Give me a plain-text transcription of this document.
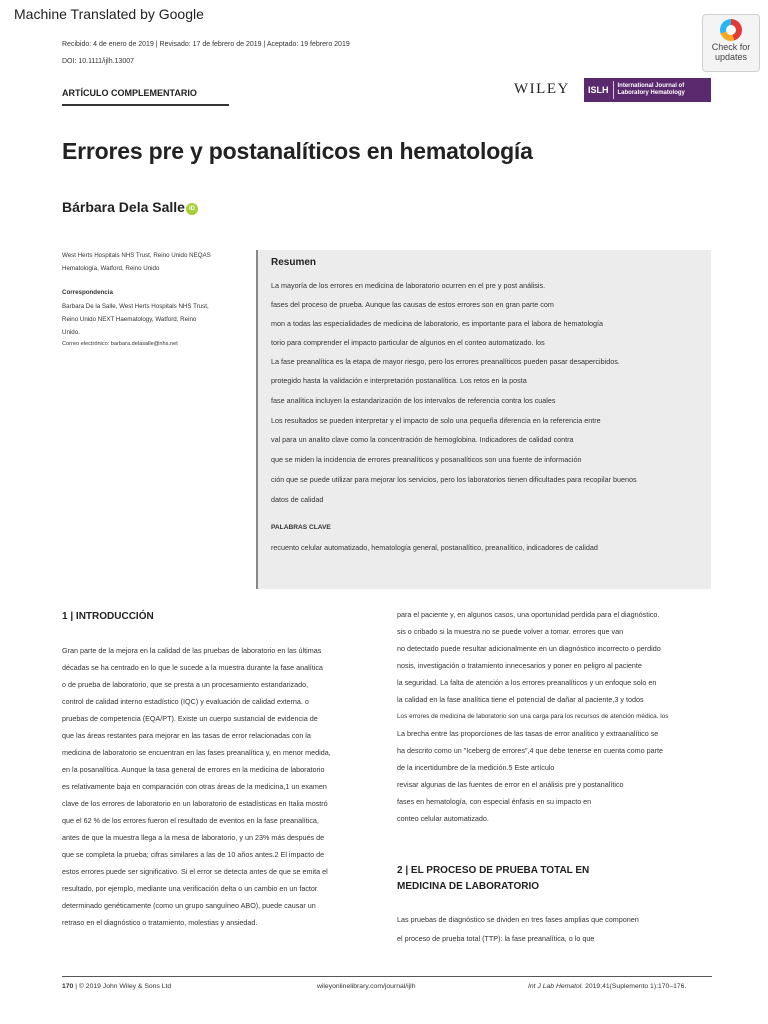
Machine Translated by Google
Check for updates
Recibido: 4 de enero de 2019 | Revisado: 17 de febrero de 2019 | Aceptado: 19 febrero 2019
DOI: 10.1111/ijlh.13007
ARTÍCULO COMPLEMENTARIO	WILEY	ISLH	International Journal of Laboratory Hematology
Errores pre y postanalíticos en hematología
Bárbara Dela Salle iD
West Herts Hospitals NHS Trust, Reino Unido NEQAS
Hematología, Watford, Reino Unido
Correspondencia
Barbara De la Salle, West Herts Hospitals NHS Trust,
Reino Unido NEXT Haematology, Watford, Reino
Unido.
Correo electrónico: barbara.delasalle@nhs.net
Resumen
La mayoría de los errores en medicina de laboratorio ocurren en el pre y post análisis.
fases del proceso de prueba. Aunque las causas de estos errores son en gran parte com
mon a todas las especialidades de medicina de laboratorio, es importante para el labora de hematología
torio para comprender el impacto particular de algunos en el conteo automatizado. los
La fase preanalítica es la etapa de mayor riesgo, pero los errores preanalíticos pueden pasar desapercibidos.
protegido hasta la validación e interpretación postanalítica. Los retos en la posta
fase analítica incluyen la estandarización de los intervalos de referencia contra los cuales
Los resultados se pueden interpretar y el impacto de solo una pequeña diferencia en la referencia entre
val para un analito clave como la concentración de hemoglobina. Indicadores de calidad contra
que se miden la incidencia de errores preanalíticos y posanalíticos son una fuente de información
ción que se puede utilizar para mejorar los servicios, pero los laboratorios tienen dificultades para recopilar buenos
datos de calidad
PALABRAS CLAVE
recuento celular automatizado, hematología general, postanalítico, preanalítico, indicadores de calidad
1 | INTRODUCCIÓN
Gran parte de la mejora en la calidad de las pruebas de laboratorio en las últimas
décadas se ha centrado en lo que le sucede a la muestra durante la fase analítica
o de prueba de laboratorio, que se presta a un procesamiento estandarizado,
control de calidad interno estadístico (IQC) y evaluación de calidad externa. o
pruebas de competencia (EQA/PT). Existe un cuerpo sustancial de evidencia de
que las áreas restantes para mejorar en las tasas de error relacionadas con la
medicina de laboratorio se encuentran en las fases preanalítica y, en menor medida,
en la posanalítica. Aunque la tasa general de errores en la medicina de laboratorio
es relativamente baja en comparación con otras áreas de la medicina,1 un examen
clave de los errores de laboratorio en un laboratorio de estadísticas en Italia mostró
que el 62 % de los errores fueron el resultado de eventos en la fase preanalítica,
antes de que la muestra llega a la mesa de laboratorio, y un 23% más después de
que se completa la prueba; cifras similares a las de 10 años antes.2 El impacto de
estos errores puede ser significativo. Si el error se detecta antes de que se emita el
resultado, por ejemplo, mediante una verificación delta o un cambio en un factor
determinado genéticamente (como un grupo sanguíneo ABO), puede causar un
retraso en el diagnóstico o tratamiento, molestias y ansiedad.
para el paciente y, en algunos casos, una oportunidad perdida para el diagnóstico.
sis o cribado si la muestra no se puede volver a tomar. errores que van
no detectado puede resultar adicionalmente en un diagnóstico incorrecto o perdido
nosis, investigación o tratamiento innecesarios y poner en peligro al paciente
la seguridad. La falta de atención a los errores preanalíticos y un enfoque solo en
la calidad en la fase analítica tiene el potencial de dañar al paciente,3 y todos
Los errores de medicina de laboratorio son una carga para los recursos de atención médica. los
La brecha entre las proporciones de las tasas de error analítico y extraanalítico se
ha descrito como un "Iceberg de errores",4 que debe tenerse en cuenta como parte
de la incertidumbre de la medición.5 Este artículo
revisar algunas de las fuentes de error en el análisis pre y postanalítico
fases en hematología, con especial énfasis en su impacto en
conteo celular automatizado.
2 | EL PROCESO DE PRUEBA TOTAL EN
MEDICINA DE LABORATORIO
Las pruebas de diagnóstico se dividen en tres fases amplias que componen
el proceso de prueba total (TTP): la fase preanalítica, o lo que
170 | © 2019 John Wiley & Sons Ltd	wileyonlinelibrary.com/journal/ijlh	Int J Lab Hematol. 2019;41(Suplemento 1):170–176.
